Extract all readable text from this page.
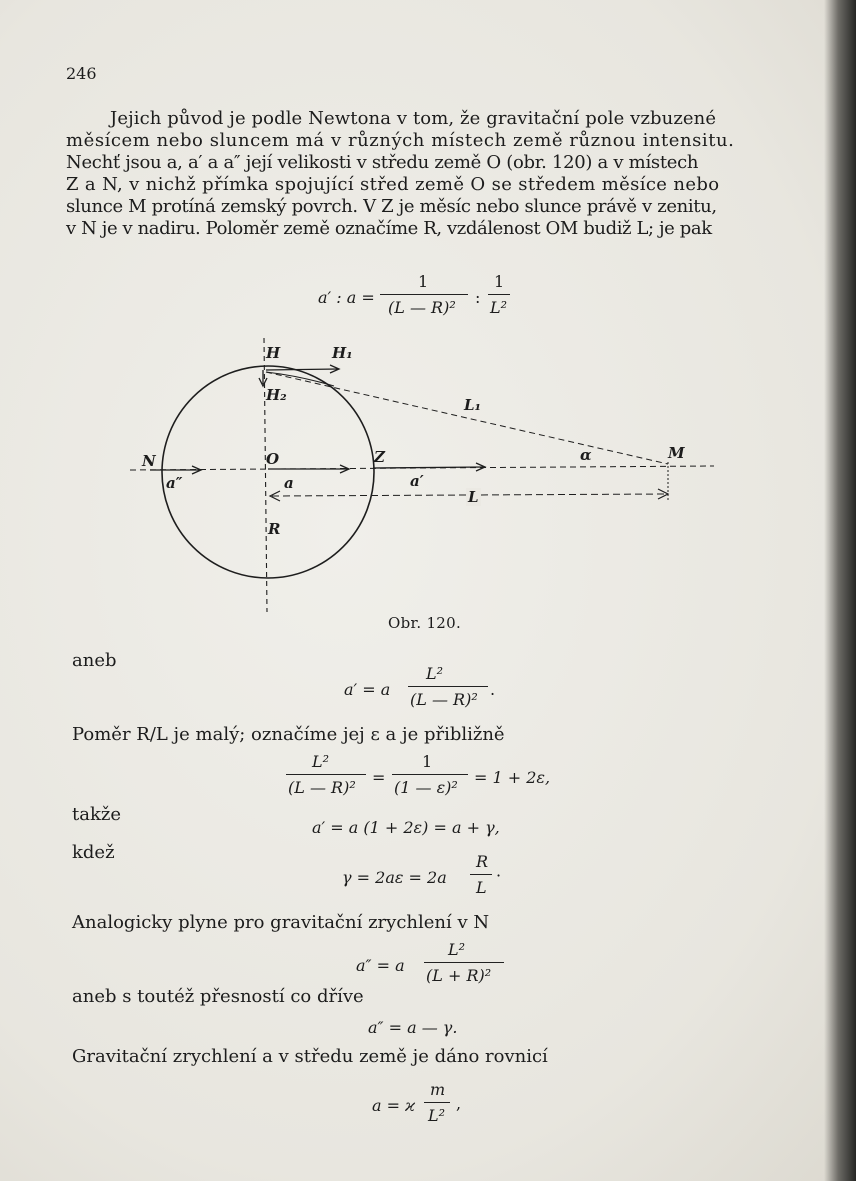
246
Jejich původ je podle Newtona v tom, že gravitační pole vzbuzené
měsícem nebo sluncem má v různých místech země různou intensitu.
Nechť jsou a, a′ a a″ její velikosti v středu země O (obr. 120) a v místech
Z a N, v nichž přímka spojující střed země O se středem měsíce nebo
slunce M protíná zemský povrch. V Z je měsíc nebo slunce právě v zenitu,
v N je v nadiru. Poloměr země označíme R, vzdálenost OM budiž L; je pak
a′ : a =
1
(L — R)²
:
1
L²
H	H₁
H₂
L₁
N	O	Z	α	M
a″	a	a′
L
R
Obr. 120.
aneb
a′ = a
L²
(L — R)²
.
Poměr R/L je malý; označíme jej ε a je přibližně
L²
(L — R)²
=
1
(1 — ε)²
= 1 + 2ε,
takže
a′ = a (1 + 2ε) = a + γ,
kdež
γ = 2aε = 2a
R
L
·
Analogicky plyne pro gravitační zrychlení v N
a″ = a
L²
(L + R)²
aneb s toutéž přesností co dříve
a″ = a — γ.
Gravitační zrychlení a v středu země je dáno rovnicí
a = ϰ
m
L²
,
